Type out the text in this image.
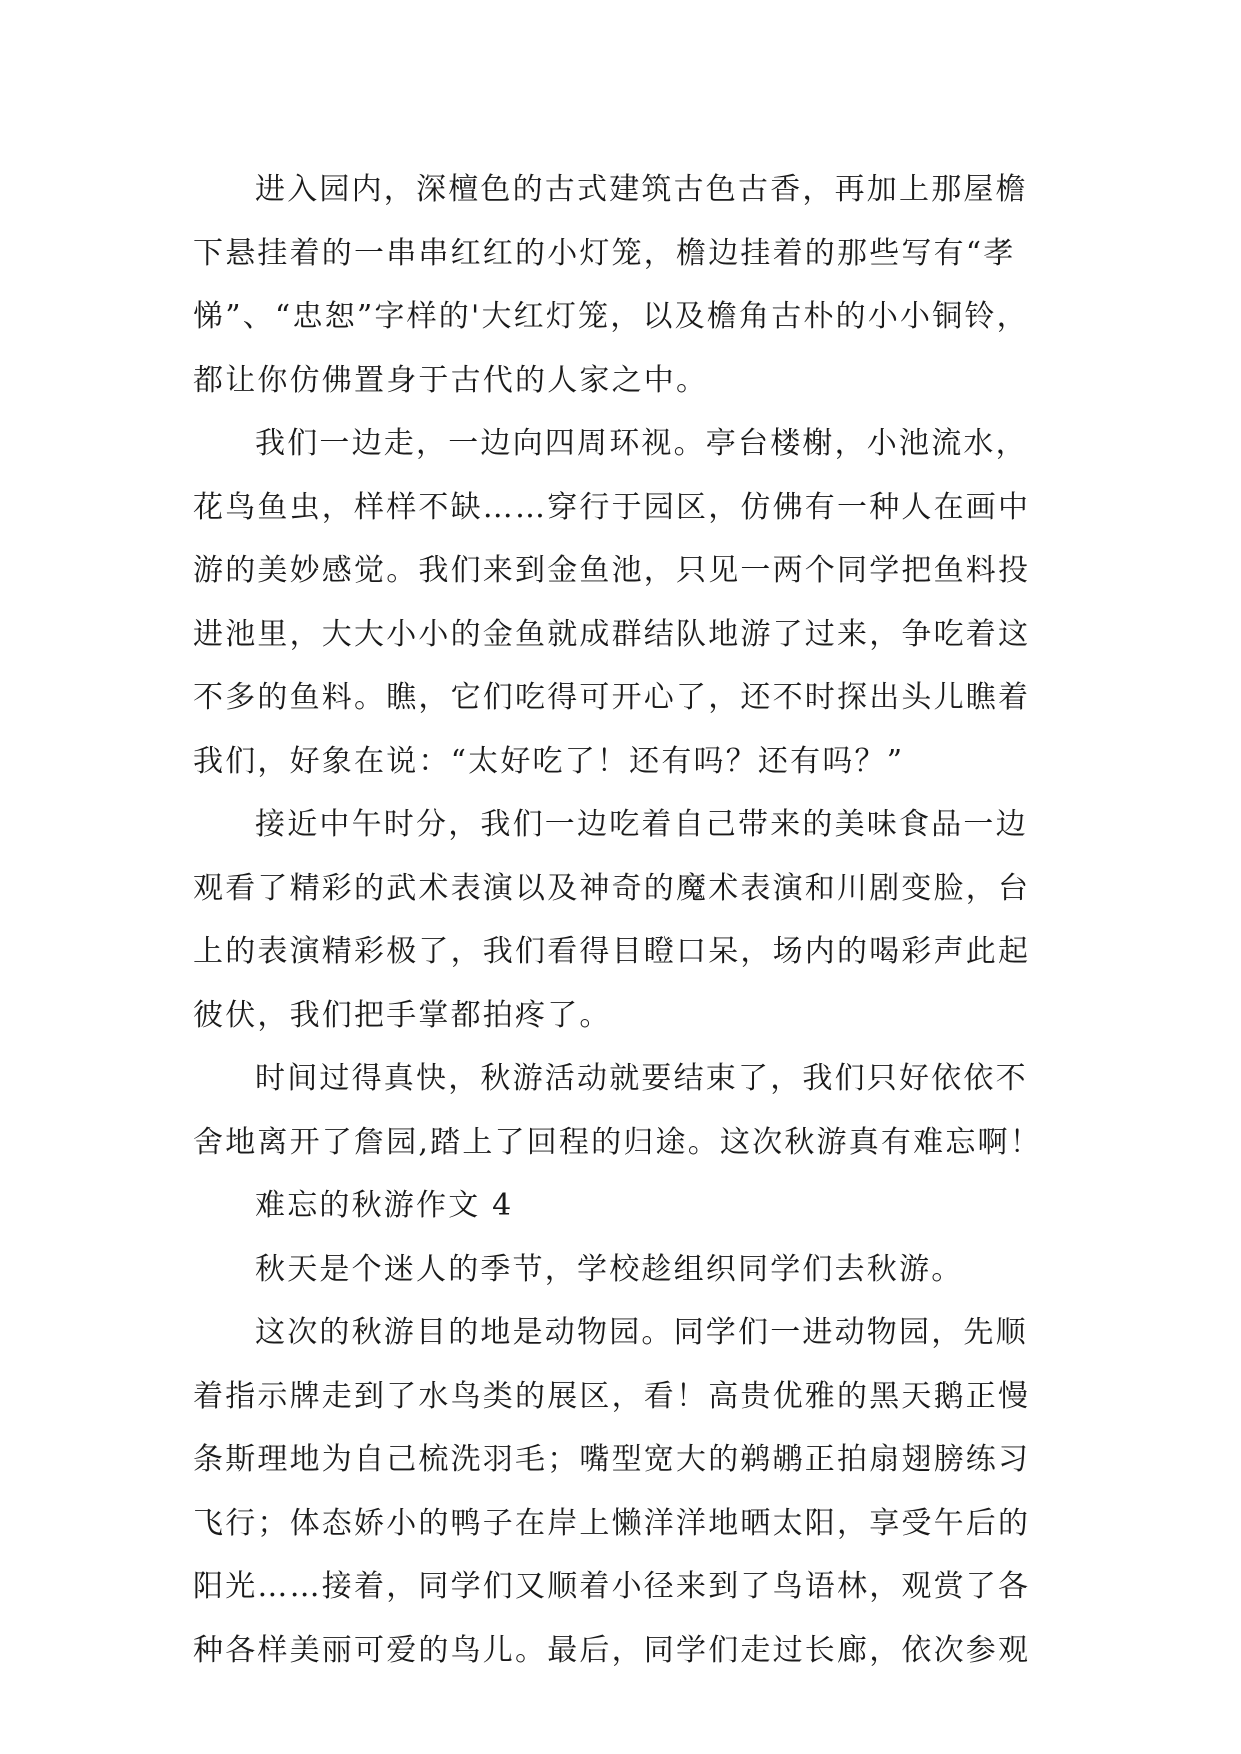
进入园内，深檀色的古式建筑古色古香，再加上那屋檐
下悬挂着的一串串红红的小灯笼，檐边挂着的那些写有“孝
悌”、“忠恕”字样的'大红灯笼，以及檐角古朴的小小铜铃，
都让你仿佛置身于古代的人家之中。
我们一边走，一边向四周环视。亭台楼榭，小池流水，
花鸟鱼虫，样样不缺……穿行于园区，仿佛有一种人在画中
游的美妙感觉。我们来到金鱼池，只见一两个同学把鱼料投
进池里，大大小小的金鱼就成群结队地游了过来，争吃着这
不多的鱼料。瞧，它们吃得可开心了，还不时探出头儿瞧着
我们，好象在说：“太好吃了！还有吗？还有吗？”
接近中午时分，我们一边吃着自己带来的美味食品一边
观看了精彩的武术表演以及神奇的魔术表演和川剧变脸，台
上的表演精彩极了，我们看得目瞪口呆，场内的喝彩声此起
彼伏，我们把手掌都拍疼了。
时间过得真快，秋游活动就要结束了，我们只好依依不
舍地离开了詹园,踏上了回程的归途。这次秋游真有难忘啊！
难忘的秋游作文 4
秋天是个迷人的季节，学校趁组织同学们去秋游。
这次的秋游目的地是动物园。同学们一进动物园，先顺
着指示牌走到了水鸟类的展区，看！高贵优雅的黑天鹅正慢
条斯理地为自己梳洗羽毛；嘴型宽大的鹈鹕正拍扇翅膀练习
飞行；体态娇小的鸭子在岸上懒洋洋地晒太阳，享受午后的
阳光……接着，同学们又顺着小径来到了鸟语林，观赏了各
种各样美丽可爱的鸟儿。最后，同学们走过长廊，依次参观
